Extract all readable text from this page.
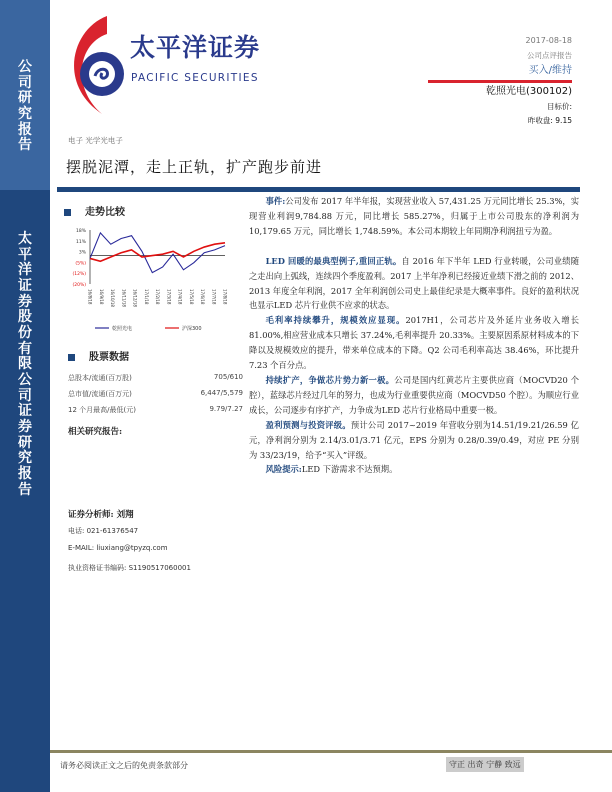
公
司
研
究
报
告
太
平
洋
证
券
股
份
有
限
公
司
证
券
研
究
报
告
太平洋证券
PACIFIC SECURITIES
2017-08-18
公司点评报告
买入/维持
乾照光电(300102)
目标价:
昨收盘: 9.15
电子 光学光电子
摆脱泥潭，走上正轨，扩产跑步前进
走势比较
18%
11%
3%
(5%)
(12%)
(20%)
16/8/18 16/9/18 16/10/18 16/11/18 16/12/18 17/1/18 17/2/18 17/3/18 17/4/18 17/5/18 17/6/18 17/7/18 17/8/18
乾照光电	沪深300
股票数据
总股本/流通(百万股)	705/610
总市值/流通(百万元)	6,447/5,579
12 个月最高/最低(元)	9.79/7.27
相关研究报告:
证券分析师: 刘翔
电话: 021-61376547
E-MAIL: liuxiang@tpyzq.com
执业资格证书编码: S1190517060001

事件:公司发布 2017 年半年报，实现营业收入 57,431.25 万元同比增长 25.3%，实现营业利润9,784.88 万元，同比增长 585.27%，归属于上市公司股东的净利润为 10,179.65 万元，同比增长 1,748.59%。本公司本期较上年同期净利润扭亏为盈。

LED 回暖的最典型例子,重回正轨。自 2016 年下半年 LED 行业转暖，公司业绩随之走出向上弧线，连续四个季度盈利。2017 上半年净利已经接近业绩下滑之前的 2012、2013 年度全年利润，2017 全年利润创公司史上最佳纪录是大概率事件。良好的盈利状况也显示LED 芯片行业供不应求的状态。

毛利率持续攀升，规模效应显现。2017H1，公司芯片及外延片业务收入增长81.00%,相应营业成本只增长 37.24%,毛利率提升 20.33%。主要原因系原材料成本的下降以及规模效应的提升，带来单位成本的下降。Q2 公司毛利率高达 38.46%，环比提升 7.23 个百分点。

持续扩产，争做芯片势力新一极。公司是国内红黄芯片主要供应商（MOCVD20 个腔），蓝绿芯片经过几年的努力，也成为行业重要供应商（MOCVD50 个腔）。为顺应行业成长，公司逐步有序扩产，力争成为LED 芯片行业格局中重要一极。

盈利预测与投资评级。预计公司 2017~2019 年营收分别为14.51/19.21/26.59 亿元，净利润分别为 2.14/3.01/3.71 亿元，EPS 分别为 0.28/0.39/0.49，对应 PE 分别为 33/23/19，给予“买入”评级。

风险提示:LED 下游需求不达预期。

请务必阅读正文之后的免责条款部分	守正 出奇 宁静 致远
